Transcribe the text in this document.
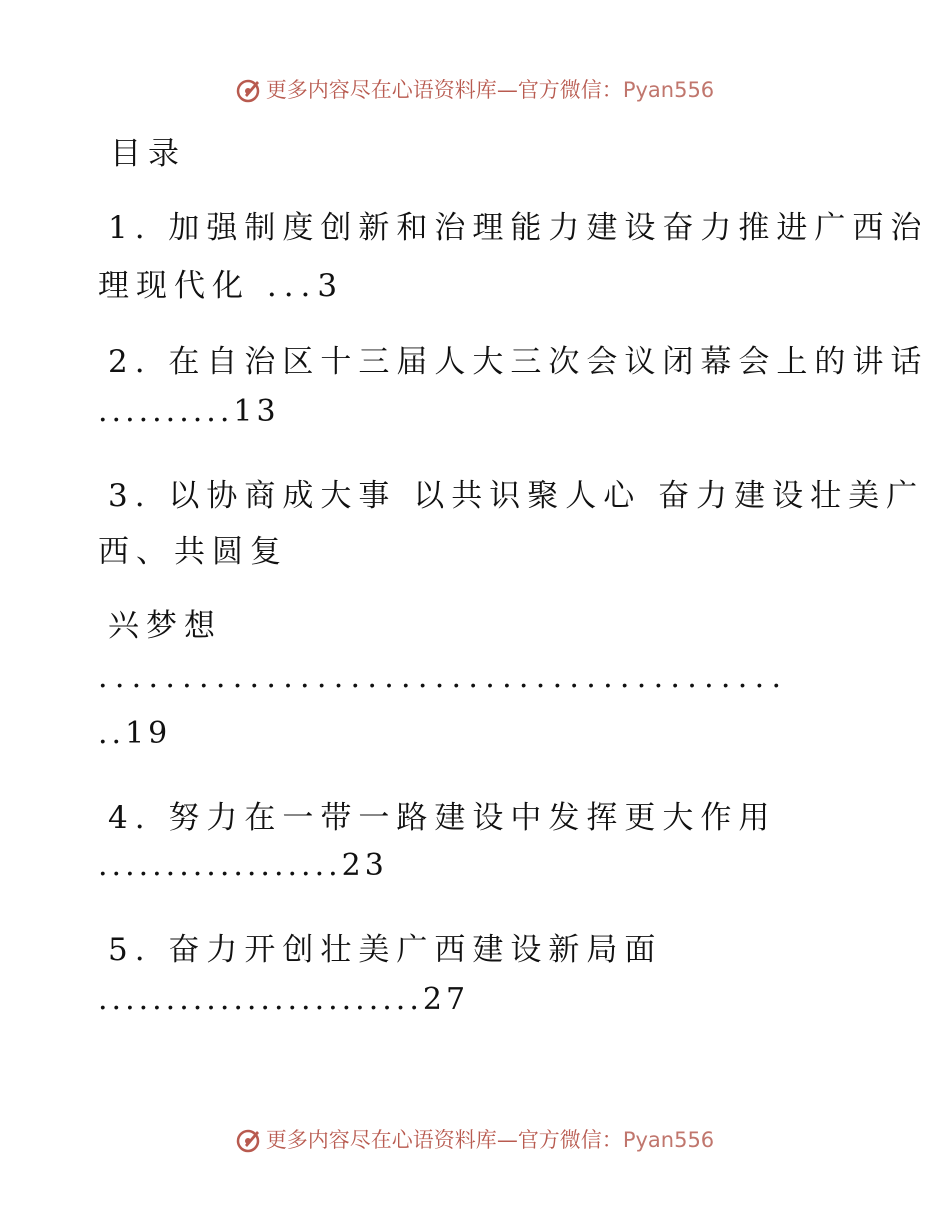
更多内容尽在心语资料库—官方微信：Pyan556
目录
1. 加强制度创新和治理能力建设奋力推进广西治
理现代化 ...3
2. 在自治区十三届人大三次会议闭幕会上的讲话
..........13
3. 以协商成大事 以共识聚人心 奋力建设壮美广
西、共圆复
兴梦想
.........................................
..19
4. 努力在一带一路建设中发挥更大作用
..................23
5. 奋力开创壮美广西建设新局面
........................27
更多内容尽在心语资料库—官方微信：Pyan556
